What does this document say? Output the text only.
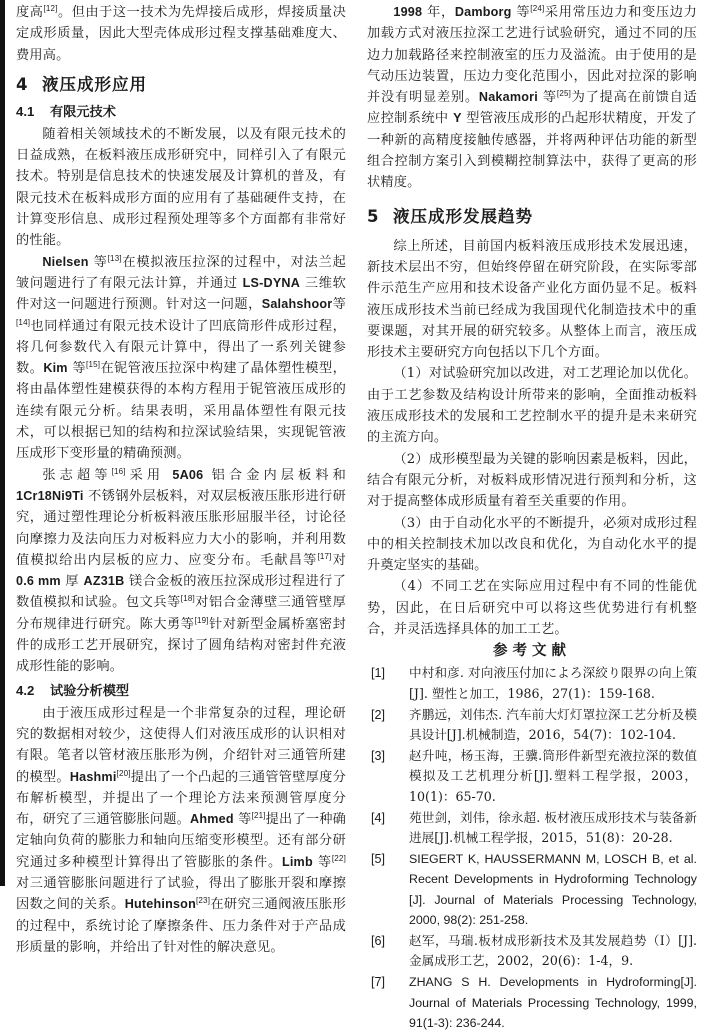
度高[12]。但由于这一技术为先焊接后成形，焊接质量决定成形质量，因此大型壳体成形过程支撑基础难度大、费用高。

4 液压成形应用
4.1 有限元技术

随着相关领域技术的不断发展，以及有限元技术的日益成熟，在板料液压成形研究中，同样引入了有限元技术。特别是信息技术的快速发展及计算机的普及，有限元技术在板料成形方面的应用有了基础硬件支持，在计算变形信息、成形过程预处理等多个方面都有非常好的性能。

Nielsen 等[13]在模拟液压拉深的过程中，对法兰起皱问题进行了有限元法计算，并通过 LS-DYNA 三维软件对这一问题进行预测。针对这一问题，Salahshoor等[14]也同样通过有限元技术设计了凹底筒形件成形过程，将几何参数代入有限元计算中，得出了一系列关键参数。Kim 等[15]在铌管液压拉深中构建了晶体塑性模型，将由晶体塑性建模获得的本构方程用于铌管液压成形的连续有限元分析。结果表明，采用晶体塑性有限元技术，可以根据已知的结构和拉深试验结果，实现铌管液压成形下变形量的精确预测。

张志超等[16]采用 5A06 铝合金内层板料和 1Cr18Ni9Ti 不锈钢外层板料，对双层板液压胀形进行研究，通过塑性理论分析板料液压胀形屈服半径，讨论径向摩擦力及法向压力对板料应力大小的影响，并利用数值模拟给出内层板的应力、应变分布。毛献昌等[17]对 0.6 mm 厚 AZ31B 镁合金板的液压拉深成形过程进行了数值模拟和试验。包文兵等[18]对铝合金薄壁三通管壁厚分布规律进行研究。陈大勇等[19]针对新型金属桥塞密封件的成形工艺开展研究，探讨了圆角结构对密封件充液成形性能的影响。

4.2 试验分析模型

由于液压成形过程是一个非常复杂的过程，理论研究的数据相对较少，这使得人们对液压成形的认识相对有限。笔者以管材液压胀形为例，介绍针对三通管所建的模型。Hashmi[20]提出了一个凸起的三通管管壁厚度分布解析模型，并提出了一个理论方法来预测管厚度分布，研究了三通管膨胀问题。Ahmed 等[21]提出了一种确定轴向负荷的膨胀力和轴向压缩变形模型。还有部分研究通过多种模型计算得出了管膨胀的条件。Limb 等[22]对三通管膨胀问题进行了试验，得出了膨胀开裂和摩擦因数之间的关系。Hutehinson[23]在研究三通阀液压胀形的过程中，系统讨论了摩擦条件、压力条件对于产品成形质量的影响，并给出了针对性的解决意见。

1998 年，Damborg 等[24]采用常压边力和变压边力加载方式对液压拉深工艺进行试验研究，通过不同的压边力加载路径来控制液室的压力及溢流。由于使用的是气动压边装置，压边力变化范围小，因此对拉深的影响并没有明显差别。Nakamori 等[25]为了提高在前馈自适应控制系统中 Y 型管液压成形的凸起形状精度，开发了一种新的高精度接触传感器，并将两种评估功能的新型组合控制方案引入到模糊控制算法中，获得了更高的形状精度。

5 液压成形发展趋势

综上所述，目前国内板料液压成形技术发展迅速，新技术层出不穷，但始终停留在研究阶段，在实际零部件示范生产应用和技术设备产业化方面仍显不足。板料液压成形技术当前已经成为我国现代化制造技术中的重要课题，对其开展的研究较多。从整体上而言，液压成形技术主要研究方向包括以下几个方面。

（1）对试验研究加以改进，对工艺理论加以优化。由于工艺参数及结构设计所带来的影响，全面推动板料液压成形技术的发展和工艺控制水平的提升是未来研究的主流方向。

（2）成形模型最为关键的影响因素是板料，因此，结合有限元分析，对板料成形情况进行预判和分析，这对于提高整体成形质量有着至关重要的作用。

（3）由于自动化水平的不断提升，必须对成形过程中的相关控制技术加以改良和优化，为自动化水平的提升奠定坚实的基础。

（4）不同工艺在实际应用过程中有不同的性能优势，因此，在日后研究中可以将这些优势进行有机整合，并灵活选择具体的加工工艺。

参考文献
[1]	中村和彦. 对向液压付加によろ深絞り限界の向上策[J]. 塑性と加工，1986，27(1)：159-168.
[2]	齐鹏远，刘伟杰. 汽车前大灯灯罩拉深工艺分析及模具设计[J].机械制造，2016，54(7)：102-104.
[3]	赵升吨，杨玉海，王骥.筒形件新型充液拉深的数值模拟及工艺机理分析[J].塑料工程学报，2003，10(1)：65-70.
[4]	苑世剑，刘伟，徐永超. 板材液压成形技术与装备新进展[J].机械工程学报，2015，51(8)：20-28.
[5]	SIEGERT K, HAUSSERMANN M, LOSCH B, et al. Recent Developments in Hydroforming Technology [J]. Journal of Materials Processing Technology, 2000, 98(2): 251-258.
[6]	赵军，马瑞.板材成形新技术及其发展趋势（Ⅰ）[J]. 金属成形工艺，2002，20(6)：1-4，9.
[7]	ZHANG S H. Developments in Hydroforming[J]. Journal of Materials Processing Technology, 1999, 91(1-3): 236-244.
